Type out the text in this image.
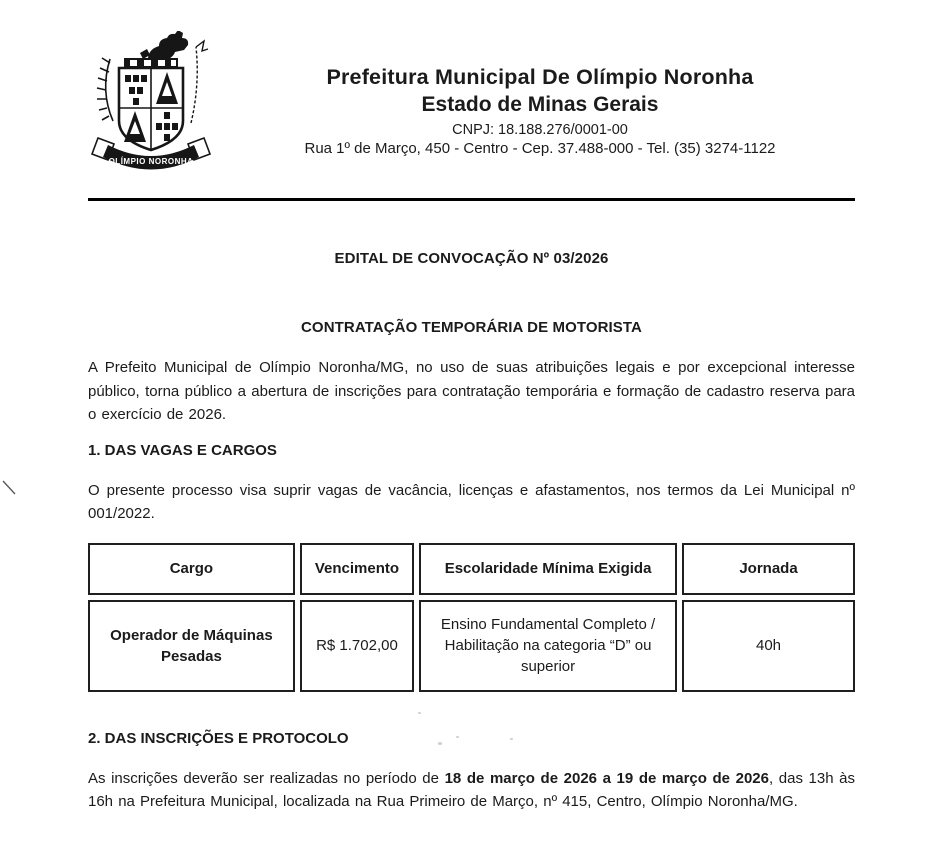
OLÍMPIO NORONHA
Prefeitura Municipal De Olímpio Noronha
Estado de Minas Gerais
CNPJ: 18.188.276/0001-00
Rua 1º de Março, 450 - Centro - Cep. 37.488-000 - Tel. (35) 3274-1122
EDITAL DE CONVOCAÇÃO Nº 03/2026
CONTRATAÇÃO TEMPORÁRIA DE MOTORISTA

A Prefeito Municipal de Olímpio Noronha/MG, no uso de suas atribuições legais e por excepcional interesse público, torna público a abertura de inscrições para contratação temporária e formação de cadastro reserva para o exercício de 2026.

1. DAS VAGAS E CARGOS

O presente processo visa suprir vagas de vacância, licenças e afastamentos, nos termos da Lei Municipal nº 001/2022.

Cargo	Vencimento	Escolaridade Mínima Exigida	Jornada
Operador de Máquinas Pesadas	R$ 1.702,00	Ensino Fundamental Completo / Habilitação na categoria “D” ou superior	40h
2. DAS INSCRIÇÕES E PROTOCOLO

As inscrições deverão ser realizadas no período de 18 de março de 2026 a 19 de março de 2026, das 13h às 16h na Prefeitura Municipal, localizada na Rua Primeiro de Março, nº 415, Centro, Olímpio Noronha/MG.
